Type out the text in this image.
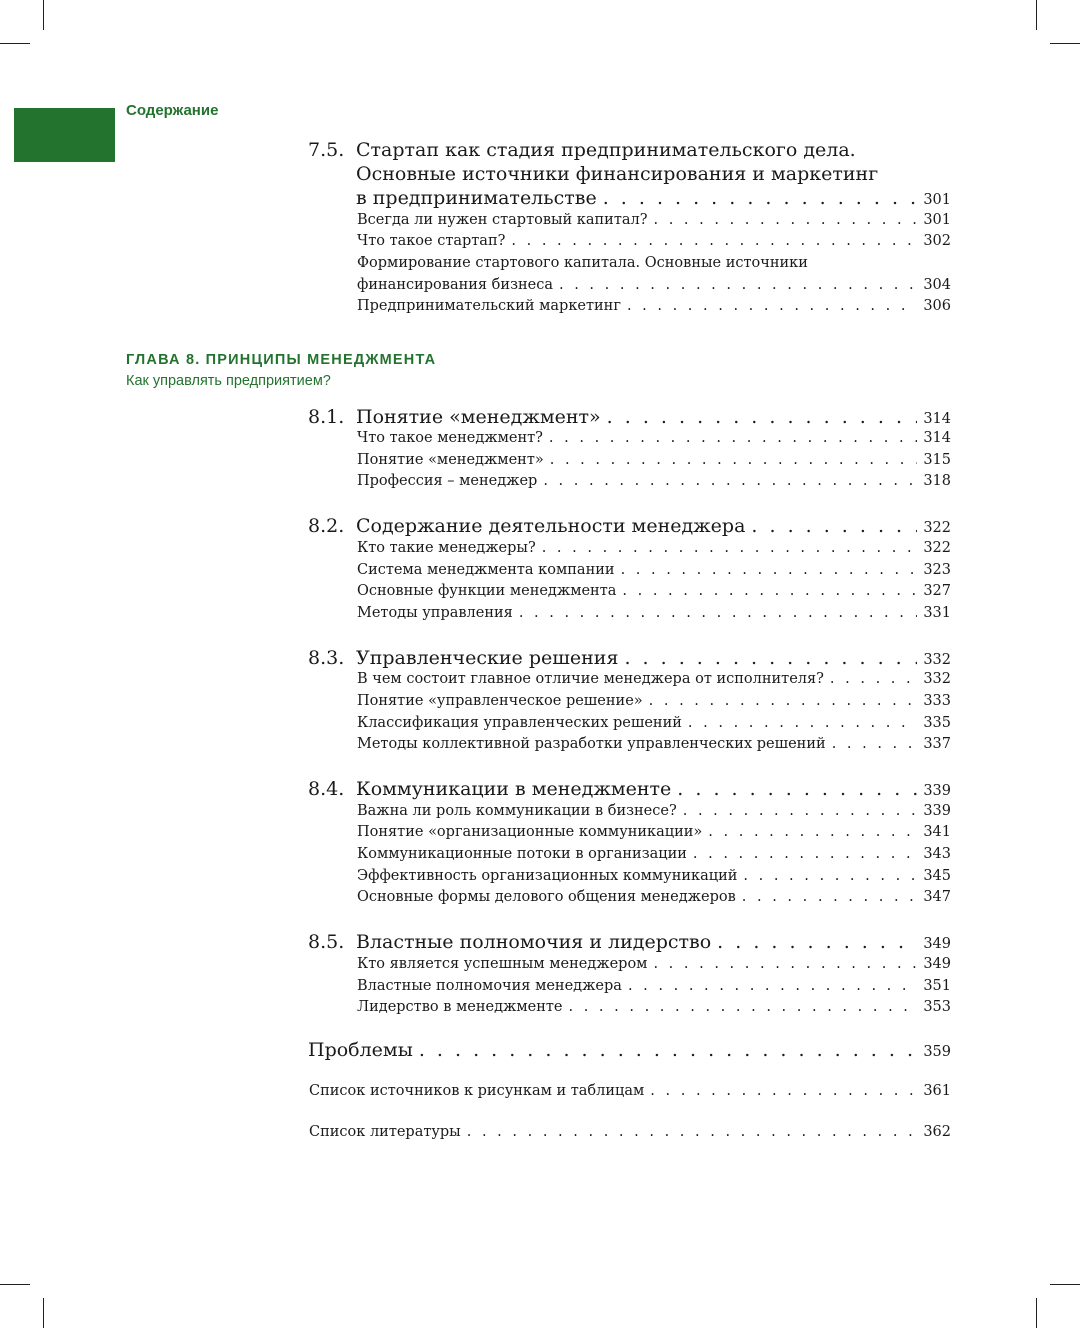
Содержание
7.5. Стартап как стадия предпринимательского дела.
Основные источники финансирования и маркетинг
в предпринимательстве . . .	301
Всегда ли нужен стартовый капитал? . . .	301
Что такое стартап? . . .	302
Формирование стартового капитала. Основные источники
финансирования бизнеса . . .	304
Предпринимательский маркетинг . . .	306
ГЛАВА 8. ПРИНЦИПЫ МЕНЕДЖМЕНТА
Как управлять предприятием?
8.1. Понятие «менеджмент» . . .	314
Что такое менеджмент? . . .	314
Понятие «менеджмент» . . .	315
Профессия – менеджер . . .	318
8.2. Содержание деятельности менеджера . . .	322
Кто такие менеджеры? . . .	322
Система менеджмента компании . . .	323
Основные функции менеджмента . . .	327
Методы управления . . .	331
8.3. Управленческие решения . . .	332
В чем состоит главное отличие менеджера от исполнителя? . . .	332
Понятие «управленческое решение» . . .	333
Классификация управленческих решений . . .	335
Методы коллективной разработки управленческих решений . . .	337
8.4. Коммуникации в менеджменте . . .	339
Важна ли роль коммуникации в бизнесе? . . .	339
Понятие «организационные коммуникации» . . .	341
Коммуникационные потоки в организации . . .	343
Эффективность организационных коммуникаций . . .	345
Основные формы делового общения менеджеров . . .	347
8.5. Властные полномочия и лидерство . . .	349
Кто является успешным менеджером . . .	349
Властные полномочия менеджера . . .	351
Лидерство в менеджменте . . .	353
Проблемы . . .	359
Список источников к рисункам и таблицам . . .	361
Список литературы . . .	362
